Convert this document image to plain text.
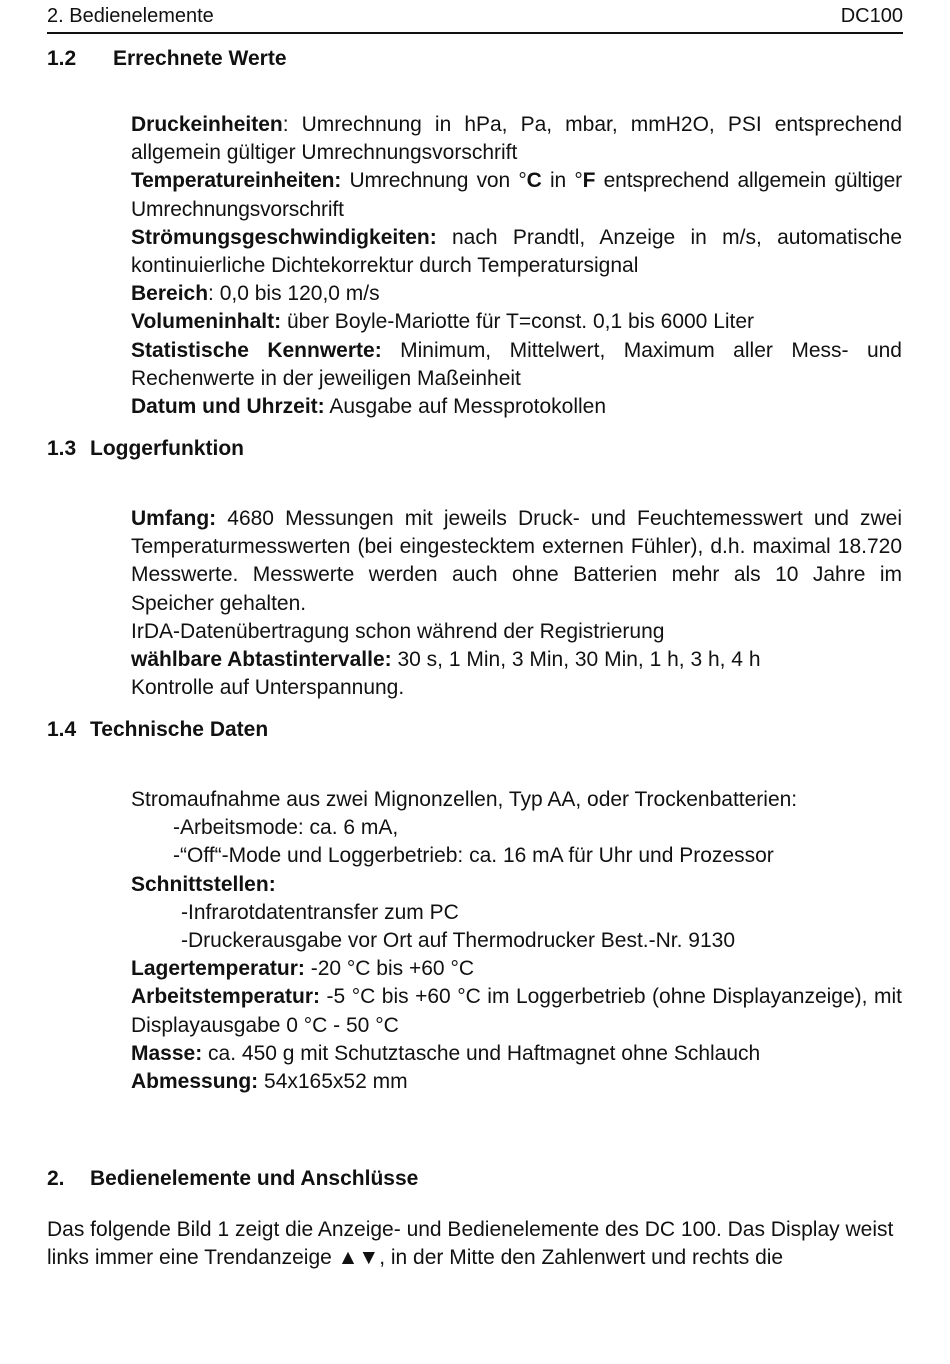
2. Bedienelemente	DC100
1.2 Errechnete Werte

Druckeinheiten: Umrechnung in hPa, Pa, mbar, mmH2O, PSI entsprechend allgemein gültiger Umrechnungsvorschrift

Temperatureinheiten: Umrechnung von °C in °F entsprechend allgemein gültiger Umrechnungsvorschrift

Strömungsgeschwindigkeiten: nach Prandtl, Anzeige in m/s, automatische kontinuierliche Dichtekorrektur durch Temperatursignal

Bereich: 0,0 bis 120,0 m/s

Volumeninhalt: über Boyle-Mariotte für T=const. 0,1 bis 6000 Liter

Statistische Kennwerte: Minimum, Mittelwert, Maximum aller Mess- und Rechenwerte in der jeweiligen Maßeinheit

Datum und Uhrzeit: Ausgabe auf Messprotokollen

1.3 Loggerfunktion

Umfang: 4680 Messungen mit jeweils Druck- und Feuchtemesswert und zwei Temperaturmesswerten (bei eingestecktem externen Fühler), d.h. maximal 18.720 Messwerte. Messwerte werden auch ohne Batterien mehr als 10 Jahre im Speicher gehalten.

IrDA-Datenübertragung schon während der Registrierung

wählbare Abtastintervalle: 30 s, 1 Min, 3 Min, 30 Min, 1 h, 3 h, 4 h

Kontrolle auf Unterspannung.

1.4 Technische Daten

Stromaufnahme aus zwei Mignonzellen, Typ AA, oder Trockenbatterien:

-Arbeitsmode: ca. 6 mA,

-“Off“-Mode und Loggerbetrieb: ca. 16 mA für Uhr und Prozessor

Schnittstellen:

-Infrarotdatentransfer zum PC

-Druckerausgabe vor Ort auf Thermodrucker Best.-Nr. 9130

Lagertemperatur: -20 °C bis +60 °C

Arbeitstemperatur: -5 °C bis +60 °C im Loggerbetrieb (ohne Displayanzeige), mit Displayausgabe 0 °C - 50 °C

Masse: ca. 450 g mit Schutztasche und Haftmagnet ohne Schlauch

Abmessung: 54x165x52 mm

2. Bedienelemente und Anschlüsse

Das folgende Bild 1 zeigt die Anzeige- und Bedienelemente des DC 100. Das Display weist links immer eine Trendanzeige ▲▼, in der Mitte den Zahlenwert und rechts die
